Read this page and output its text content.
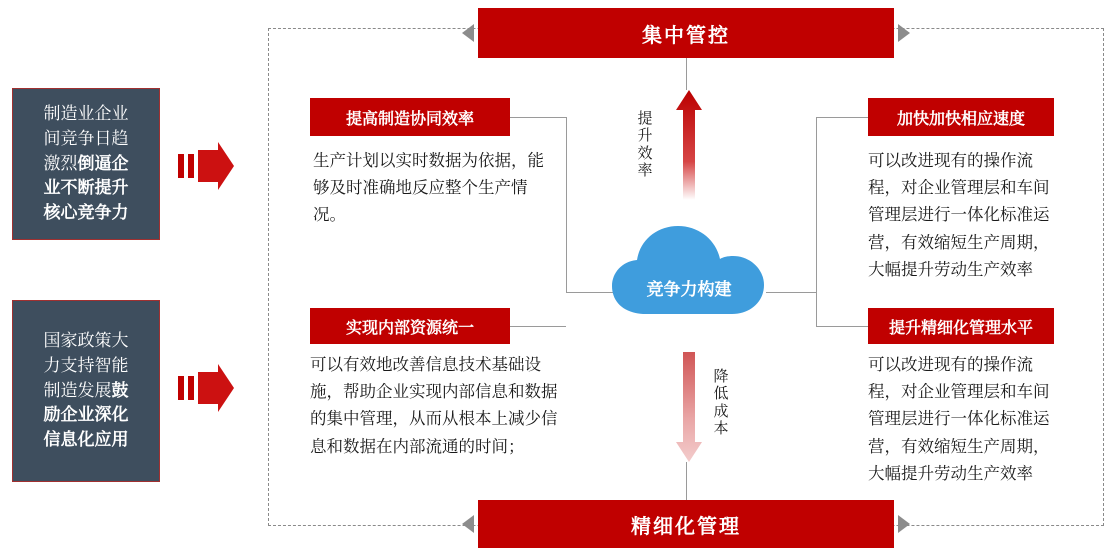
制造业企业
间竞争日趋
激烈倒逼企
业不断提升
核心竞争力
国家政策大
力支持智能
制造发展鼓
励企业深化
信息化应用
集中管控
精细化管理
竞争力构建
提升效率
降低成本
提高制造协同效率
生产计划以实时数据为依据，能够及时准确地反应整个生产情况。
实现内部资源统一
可以有效地改善信息技术基础设施，帮助企业实现内部信息和数据的集中管理，从而从根本上减少信息和数据在内部流通的时间；
加快加快相应速度
可以改进现有的操作流程，对企业管理层和车间管理层进行一体化标准运营，有效缩短生产周期，大幅提升劳动生产效率
提升精细化管理水平
可以改进现有的操作流程，对企业管理层和车间管理层进行一体化标准运营，有效缩短生产周期，大幅提升劳动生产效率
